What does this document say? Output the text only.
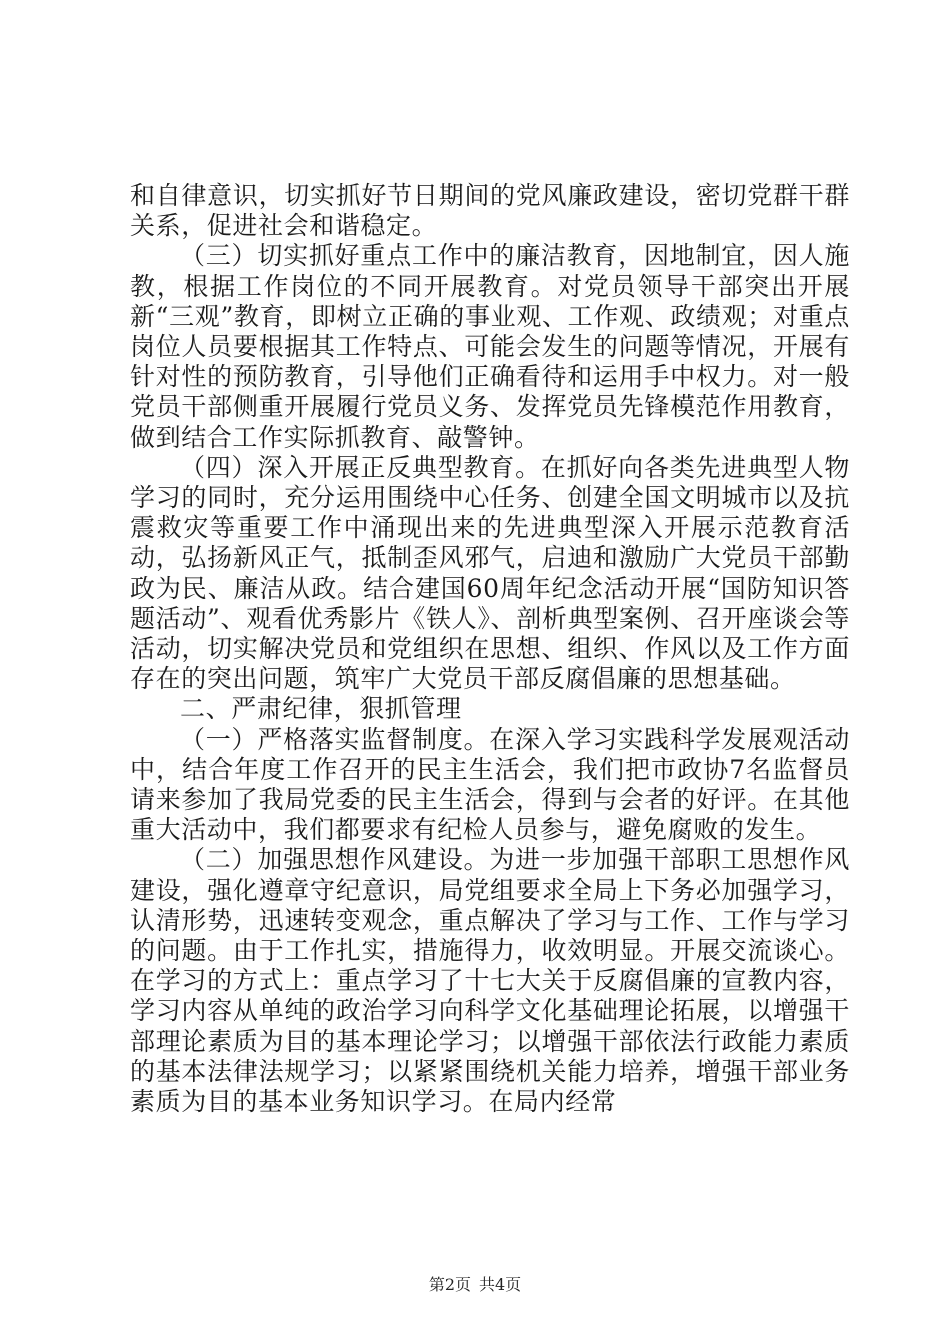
和自律意识，切实抓好节日期间的党风廉政建设，密切党群干群关系，促进社会和谐稳定。

（三）切实抓好重点工作中的廉洁教育，因地制宜，因人施教，根据工作岗位的不同开展教育。对党员领导干部突出开展新“三观”教育，即树立正确的事业观、工作观、政绩观；对重点岗位人员要根据其工作特点、可能会发生的问题等情况，开展有针对性的预防教育，引导他们正确看待和运用手中权力。对一般党员干部侧重开展履行党员义务、发挥党员先锋模范作用教育，做到结合工作实际抓教育、敲警钟。

（四）深入开展正反典型教育。在抓好向各类先进典型人物学习的同时，充分运用围绕中心任务、创建全国文明城市以及抗震救灾等重要工作中涌现出来的先进典型深入开展示范教育活动，弘扬新风正气，抵制歪风邪气，启迪和激励广大党员干部勤政为民、廉洁从政。结合建国60周年纪念活动开展“国防知识答题活动”、观看优秀影片《铁人》、剖析典型案例、召开座谈会等活动，切实解决党员和党组织在思想、组织、作风以及工作方面存在的突出问题，筑牢广大党员干部反腐倡廉的思想基础。

二、严肃纪律，狠抓管理

（一）严格落实监督制度。在深入学习实践科学发展观活动中，结合年度工作召开的民主生活会，我们把市政协7名监督员请来参加了我局党委的民主生活会，得到与会者的好评。在其他重大活动中，我们都要求有纪检人员参与，避免腐败的发生。

（二）加强思想作风建设。为进一步加强干部职工思想作风建设，强化遵章守纪意识，局党组要求全局上下务必加强学习，认清形势，迅速转变观念，重点解决了学习与工作、工作与学习的问题。由于工作扎实，措施得力，收效明显。开展交流谈心。在学习的方式上：重点学习了十七大关于反腐倡廉的宣教内容，学习内容从单纯的政治学习向科学文化基础理论拓展，以增强干部理论素质为目的基本理论学习；以增强干部依法行政能力素质的基本法律法规学习；以紧紧围绕机关能力培养，增强干部业务素质为目的基本业务知识学习。在局内经常

第2页 共4页
